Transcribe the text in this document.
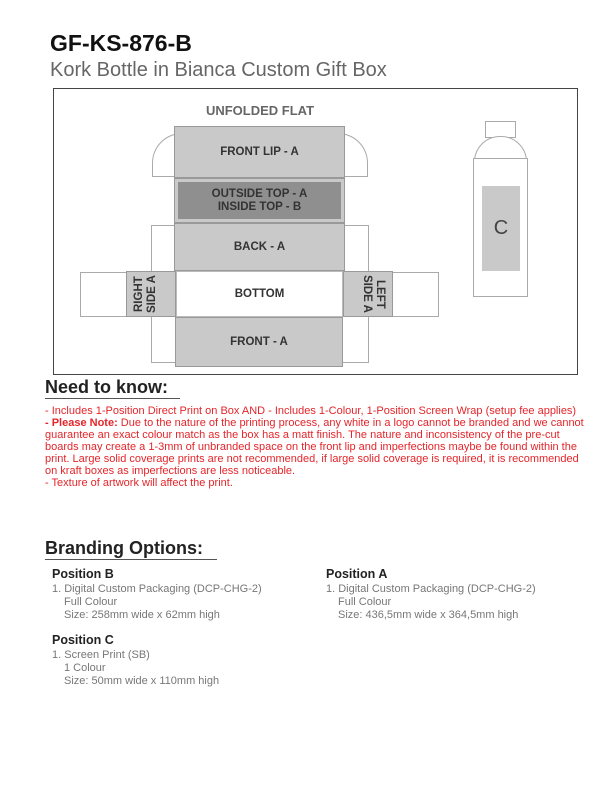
GF-KS-876-B
Kork Bottle in Bianca Custom Gift Box
UNFOLDED FLAT
FRONT LIP - A
OUTSIDE TOP - A
INSIDE TOP - B
BACK - A
RIGHT SIDE A	BOTTOM	LEFT SIDE A
FRONT - A
C
Need to know:
- Includes 1-Position Direct Print on Box AND - Includes 1-Colour, 1-Position Screen Wrap (setup fee applies)
- Please Note: Due to the nature of the printing process, any white in a logo cannot be branded and we cannot guarantee an exact colour match as the box has a matt finish. The nature and inconsistency of the pre-cut boards may create a 1-3mm of unbranded space on the front lip and imperfections maybe be found within the print. Large solid coverage prints are not recommended, if large solid coverage is required, it is recommended on kraft boxes as imperfections are less noticeable.
- Texture of artwork will affect the print.
Branding Options:
Position B
1. Digital Custom Packaging (DCP-CHG-2)
Full Colour
Size: 258mm wide x 62mm high
Position A
1. Digital Custom Packaging (DCP-CHG-2)
Full Colour
Size: 436,5mm wide x 364,5mm high
Position C
1. Screen Print (SB)
1 Colour
Size: 50mm wide x 110mm high
